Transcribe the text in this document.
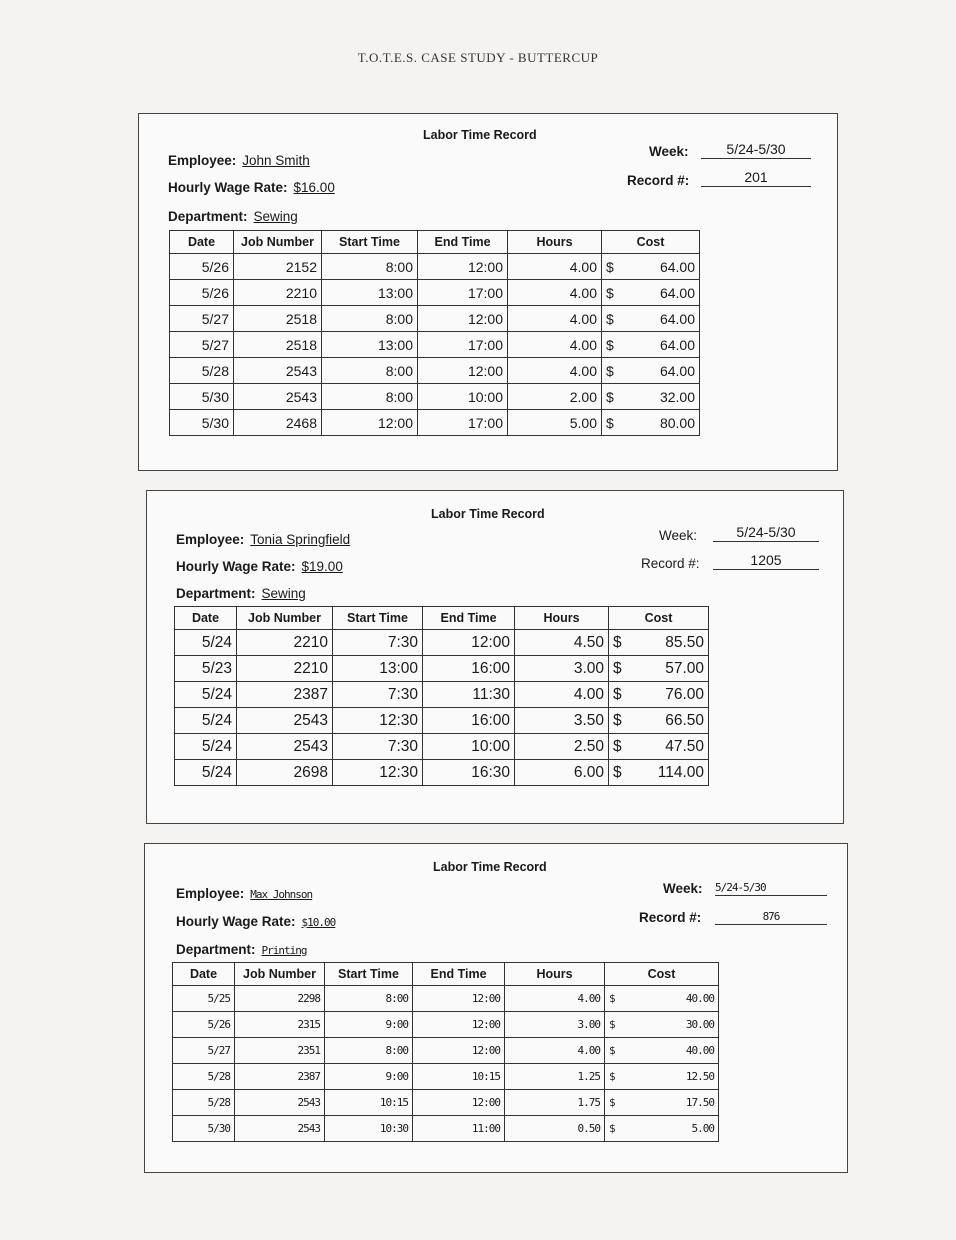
T.O.T.E.S. CASE STUDY - BUTTERCUP
Labor Time Record
Employee: John Smith
Hourly Wage Rate: $16.00
Department: Sewing
Week:	5/24-5/30
Record #:	201
Date	Job Number	Start Time	End Time	Hours	Cost	
5/26	2152	8:00	12:00	4.00	$	64.00
5/26	2210	13:00	17:00	4.00	$	64.00
5/27	2518	8:00	12:00	4.00	$	64.00
5/27	2518	13:00	17:00	4.00	$	64.00
5/28	2543	8:00	12:00	4.00	$	64.00
5/30	2543	8:00	10:00	2.00	$	32.00
5/30	2468	12:00	17:00	5.00	$	80.00
Labor Time Record
Employee: Tonia Springfield
Hourly Wage Rate: $19.00
Department: Sewing
Week:	5/24-5/30
Record #:	1205
Date	Job Number	Start Time	End Time	Hours	Cost	
5/24	2210	7:30	12:00	4.50	$	85.50
5/23	2210	13:00	16:00	3.00	$	57.00
5/24	2387	7:30	11:30	4.00	$	76.00
5/24	2543	12:30	16:00	3.50	$	66.50
5/24	2543	7:30	10:00	2.50	$	47.50
5/24	2698	12:30	16:30	6.00	$	114.00
Labor Time Record
Employee: Max Johnson
Hourly Wage Rate: $10.00
Department: Printing
Week: 5/24-5/30
Record #:	876
Date	Job Number	Start Time	End Time	Hours	Cost	
5/25	2298	8:00	12:00	4.00	$	40.00
5/26	2315	9:00	12:00	3.00	$	30.00
5/27	2351	8:00	12:00	4.00	$	40.00
5/28	2387	9:00	10:15	1.25	$	12.50
5/28	2543	10:15	12:00	1.75	$	17.50
5/30	2543	10:30	11:00	0.50	$	5.00
